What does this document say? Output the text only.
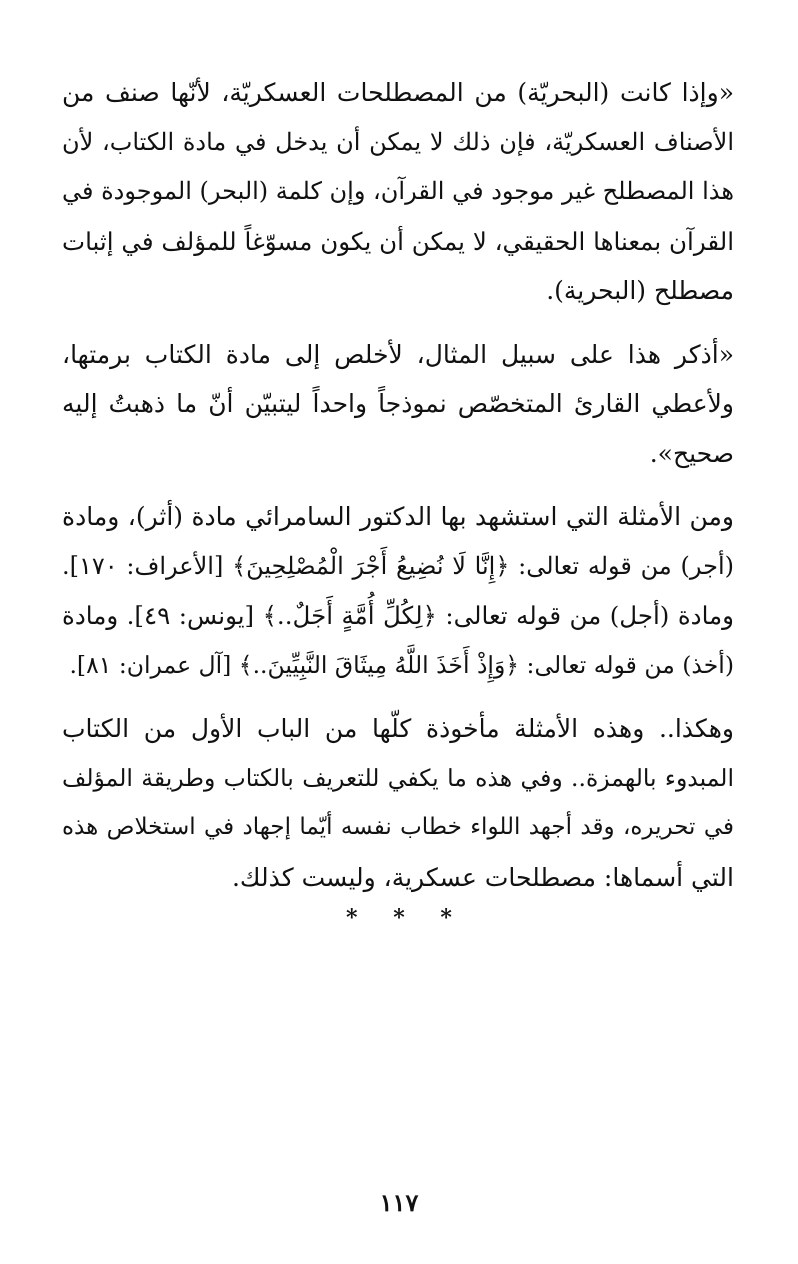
«وإذا كانت (البحريّة) من المصطلحات العسكريّة، لأنّها صنف من
الأصناف العسكريّة، فإن ذلك لا يمكن أن يدخل في مادة الكتاب، لأن
هذا المصطلح غير موجود في القرآن، وإن كلمة (البحر) الموجودة في
القرآن بمعناها الحقيقي، لا يمكن أن يكون مسوّغاً للمؤلف في إثبات
مصطلح (البحرية).

«أذكر هذا على سبيل المثال، لأخلص إلى مادة الكتاب برمتها،
ولأعطي القارئ المتخصّص نموذجاً واحداً ليتبيّن أنّ ما ذهبتُ إليه
صحيح».

ومن الأمثلة التي استشهد بها الدكتور السامرائي مادة (أثر)، ومادة
(أجر) من قوله تعالى: ﴿إِنَّا لَا نُضِيعُ أَجْرَ الْمُصْلِحِينَ﴾ [الأعراف: ١٧٠].
ومادة (أجل) من قوله تعالى: ﴿لِكُلِّ أُمَّةٍ أَجَلٌ..﴾ [يونس: ٤٩]. ومادة
(أخذ) من قوله تعالى: ﴿وَإِذْ أَخَذَ اللَّهُ مِيثَاقَ النَّبِيِّينَ..﴾ [آل عمران: ٨١].

وهكذا.. وهذه الأمثلة مأخوذة كلّها من الباب الأول من الكتاب
المبدوء بالهمزة.. وفي هذه ما يكفي للتعريف بالكتاب وطريقة المؤلف
في تحريره، وقد أجهد اللواء خطاب نفسه أيّما إجهاد في استخلاص هذه
التي أسماها: مصطلحات عسكرية، وليست كذلك.

* * *
١١٧
